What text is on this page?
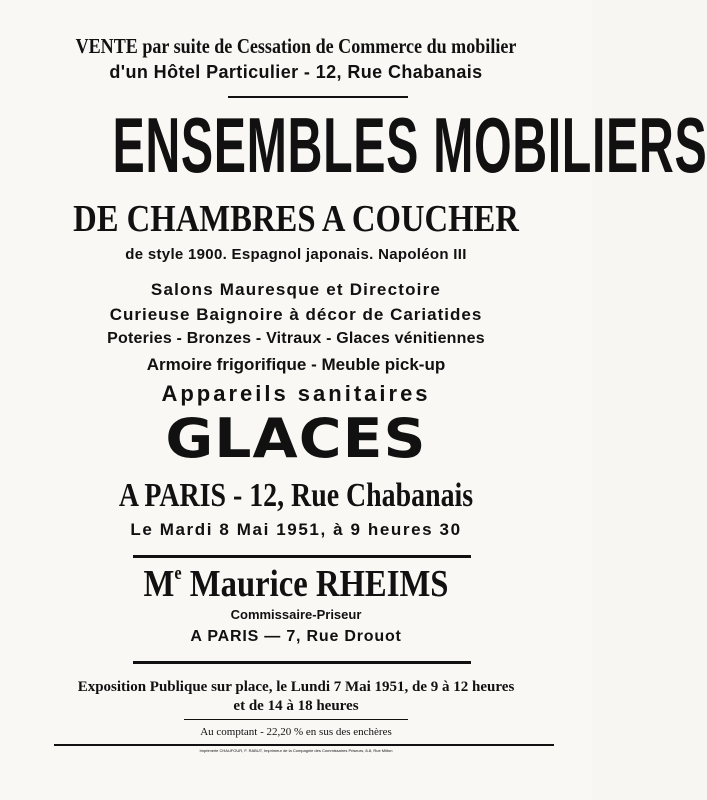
VENTE par suite de Cessation de Commerce du mobilier
d'un Hôtel Particulier - 12, Rue Chabanais
ENSEMBLES MOBILIERS
DE CHAMBRES A COUCHER
de style 1900. Espagnol japonais. Napoléon III
Salons Mauresque et Directoire
Curieuse Baignoire à décor de Cariatides
Poteries - Bronzes - Vitraux - Glaces vénitiennes
Armoire frigorifique - Meuble pick-up
Appareils sanitaires
GLACES
A PARIS - 12, Rue Chabanais
Le Mardi 8 Mai 1951, à 9 heures 30
Me Maurice RHEIMS
Commissaire-Priseur
A PARIS — 7, Rue Drouot
Exposition Publique sur place, le Lundi 7 Mai 1951, de 9 à 12 heures
et de 14 à 18 heures
Au comptant - 22,20 % en sus des enchères
Imprimerie CHAUFOUR, F. RABUT, Imprimeur de la Compagnie des Commissaires Priseurs, 8-8, Rue Milton
